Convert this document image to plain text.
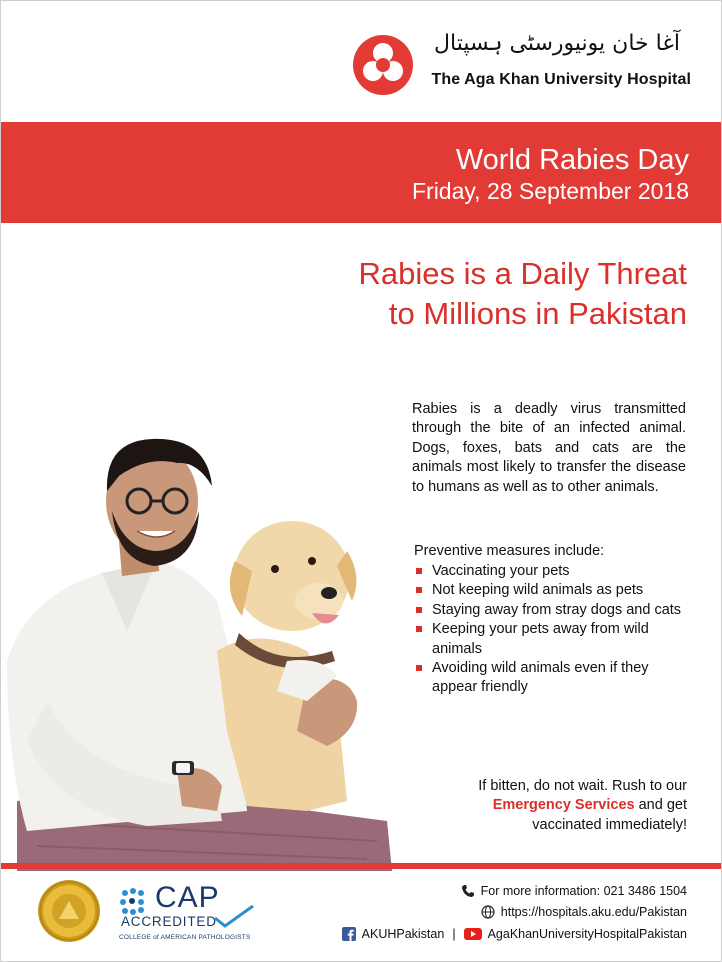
آغا خان یونیورسٹی ہسپتال
The Aga Khan University Hospital
World Rabies Day
Friday, 28 September 2018
Rabies is a Daily Threat
to Millions in Pakistan

Rabies is a deadly virus transmitted through the bite of an infected animal. Dogs, foxes, bats and cats are the animals most likely to transfer the disease to humans as well as to other animals.

Preventive measures include:
Vaccinating your pets
Not keeping wild animals as pets
Staying away from stray dogs and cats
Keeping your pets away from wild animals
Avoiding wild animals even if they appear friendly

If bitten, do not wait. Rush to our Emergency Services and get vaccinated immediately!

CAP
ACCREDITED
COLLEGE of AMERICAN PATHOLOGISTS
For more information: 021 3486 1504
https://hospitals.aku.edu/Pakistan
AKUHPakistan |	AgaKhanUniversityHospitalPakistan
